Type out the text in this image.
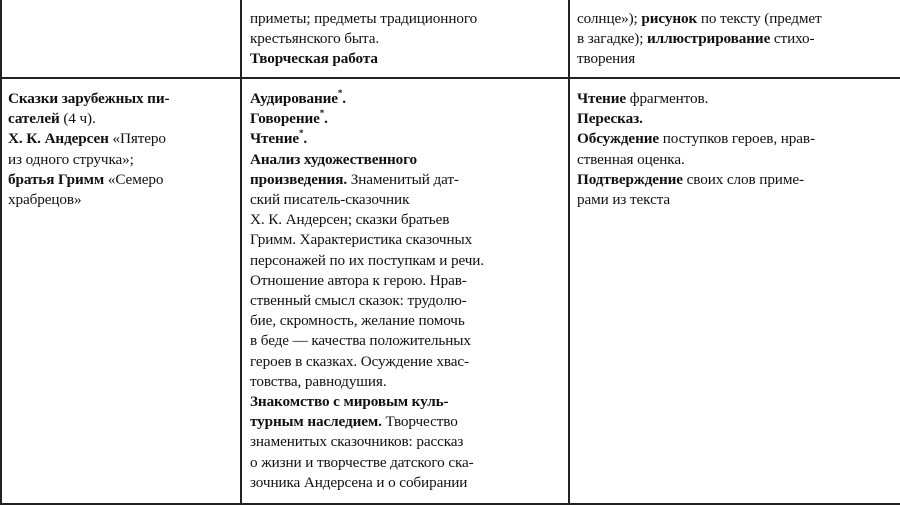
приметы; предметы традиционного
крестьянского быта.
Творческая работа
солнце»); рисунок по тексту (предмет
в загадке); иллюстрирование стихо-
творения
Сказки зарубежных пи-
сателей (4 ч).
Х. К. Андерсен «Пятеро
из одного стручка»;
братья Гримм «Семеро
храбрецов»
Аудирование*.
Говорение*.
Чтение*.
Анализ художественного
произведения. Знаменитый дат-
ский писатель-сказочник
Х. К. Андерсен; сказки братьев
Гримм. Характеристика сказочных
персонажей по их поступкам и речи.
Отношение автора к герою. Нрав-
ственный смысл сказок: трудолю-
бие, скромность, желание помочь
в беде — качества положительных
героев в сказках. Осуждение хвас-
товства, равнодушия.
Знакомство с мировым куль-
турным наследием. Творчество
знаменитых сказочников: рассказ
о жизни и творчестве датского ска-
зочника Андерсена и о собирании
Чтение фрагментов.
Пересказ.
Обсуждение поступков героев, нрав-
ственная оценка.
Подтверждение своих слов приме-
рами из текста
